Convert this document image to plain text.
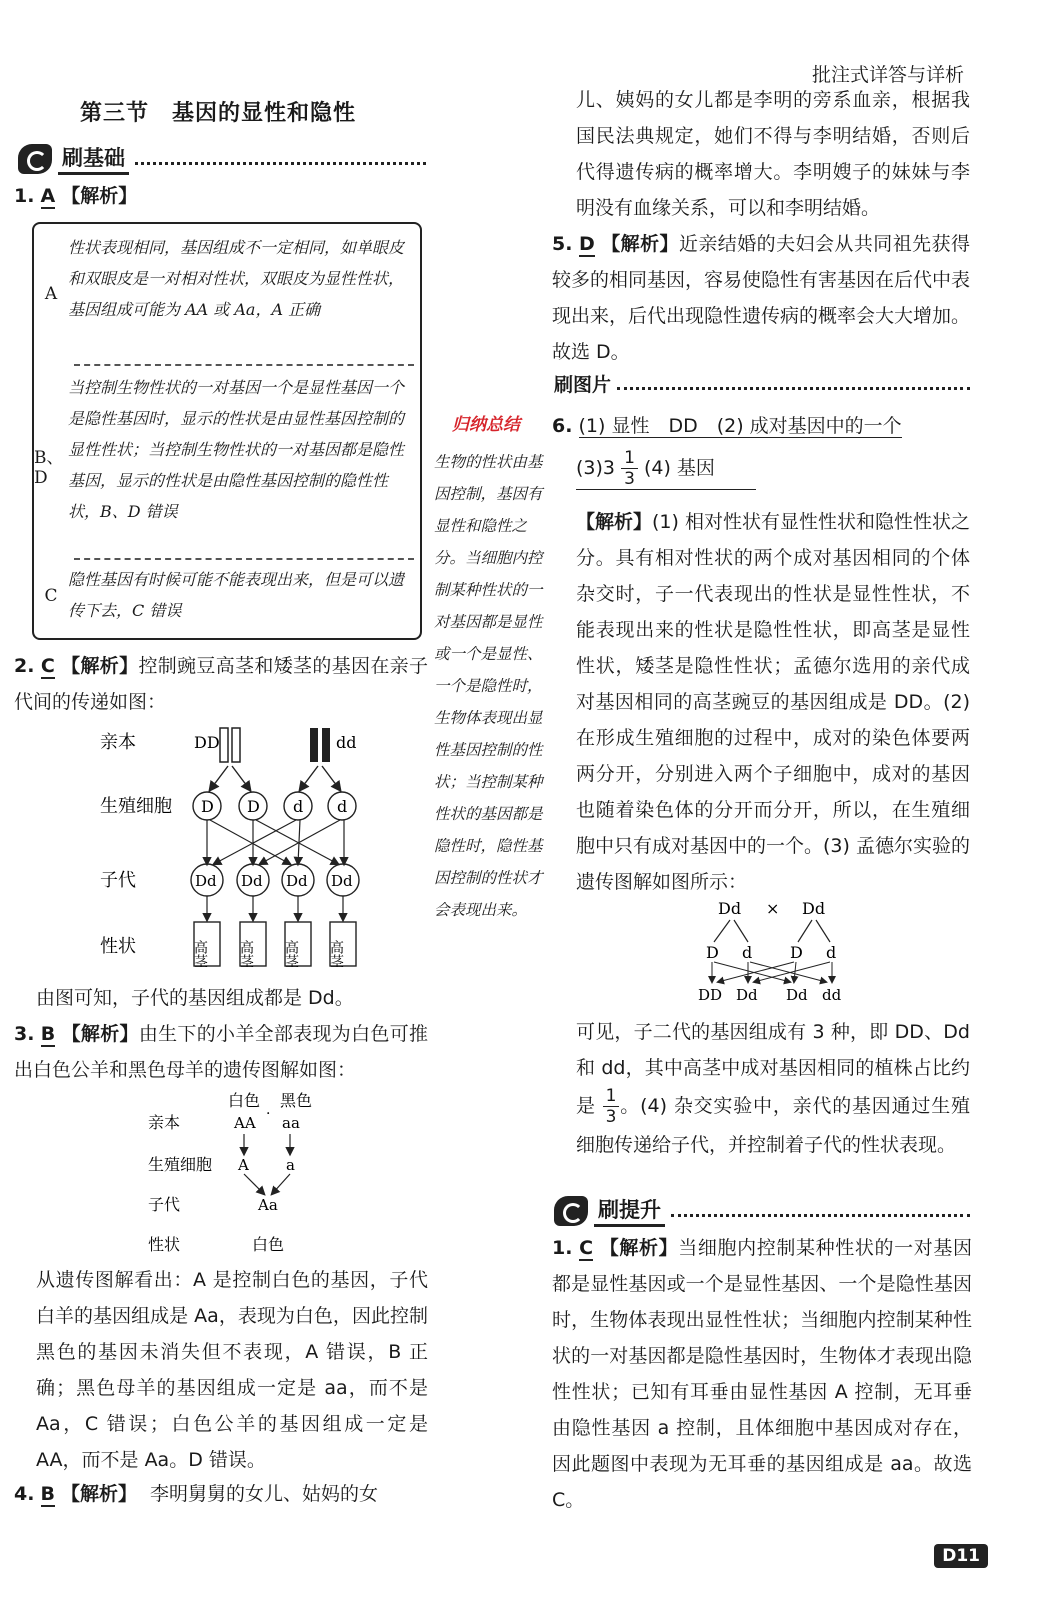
批注式详答与详析
第三节　基因的显性和隐性
刷基础
1. A 【解析】
A
性状表现相同，基因组成不一定相同，如单眼皮和双眼皮是一对相对性状，双眼皮为显性性状，基因组成可能为 AA 或 Aa，A 正确
B、D
当控制生物性状的一对基因一个是显性基因一个是隐性基因时，显示的性状是由显性基因控制的显性性状；当控制生物性状的一对基因都是隐性基因，显示的性状是由隐性基因控制的隐性性状，B、D 错误
C
隐性基因有时候可能不能表现出来，但是可以遗传下去，C 错误
2. C 【解析】控制豌豆高茎和矮茎的基因在亲子代间的传递如图：
亲本
生殖细胞
子代
性状
DD	dd
D D d d
Dd Dd Dd Dd
高茎 高茎 高茎 高茎
由图可知，子代的基因组成都是 Dd。
3. B 【解析】由生下的小羊全部表现为白色可推出白色公羊和黑色母羊的遗传图解如图：
亲本
生殖细胞
子代
性状
白色 黑色
AA · aa
A a
Aa
白色
从遗传图解看出：A 是控制白色的基因，子代白羊的基因组成是 Aa，表现为白色，因此控制黑色的基因未消失但不表现，A 错误，B 正确；黑色母羊的基因组成一定是 aa，而不是 Aa，C 错误；白色公羊的基因组成一定是 AA，而不是 Aa。D 错误。
4. B 【解析】 李明舅舅的女儿、姑妈的女
儿、姨妈的女儿都是李明的旁系血亲，根据我国民法典规定，她们不得与李明结婚，否则后代得遗传病的概率增大。李明嫂子的妹妹与李明没有血缘关系，可以和李明结婚。
5. D 【解析】近亲结婚的夫妇会从共同祖先获得较多的相同基因，容易使隐性有害基因在后代中表现出来，后代出现隐性遗传病的概率会大大增加。故选 D。
刷图片
归纳总结
生物的性状由基因控制，基因有显性和隐性之分。当细胞内控制某种性状的一对基因都是显性或一个是显性、一个是隐性时，生物体表现出显性基因控制的性状；当控制某种性状的基因都是隐性时，隐性基因控制的性状才会表现出来。
6. (1) 显性　DD　(2) 成对基因中的一个
$(3)3 \frac{1}{3} (4)$ 基因
【解析】(1) 相对性状有显性性状和隐性性状之分。具有相对性状的两个成对基因相同的个体杂交时，子一代表现出的性状是显性性状，不能表现出来的性状是隐性性状，即高茎是显性性状，矮茎是隐性性状；孟德尔选用的亲代成对基因相同的高茎豌豆的基因组成是 DD。(2) 在形成生殖细胞的过程中，成对的染色体要两两分开，分别进入两个子细胞中，成对的基因也随着染色体的分开而分开，所以，在生殖细胞中只有成对基因中的一个。(3) 孟德尔实验的遗传图解如图所示：
Dd × Dd
D d D d
DD Dd Dd dd
可见，子二代的基因组成有 3 种，即 DD、Dd 和 dd，其中高茎中成对基因相同的植株占比约是 $\frac{1}{3}$ 。(4) 杂交实验中，亲代的基因通过生殖细胞传递给子代，并控制着子代的性状表现。
刷提升
1. C 【解析】当细胞内控制某种性状的一对基因都是显性基因或一个是显性基因、一个是隐性基因时，生物体表现出显性性状；当细胞内控制某种性状的一对基因都是隐性基因时，生物体才表现出隐性性状；已知有耳垂由显性基因 A 控制，无耳垂由隐性基因 a 控制，且体细胞中基因成对存在，因此题图中表现为无耳垂的基因组成是 aa。故选 C。
D11
